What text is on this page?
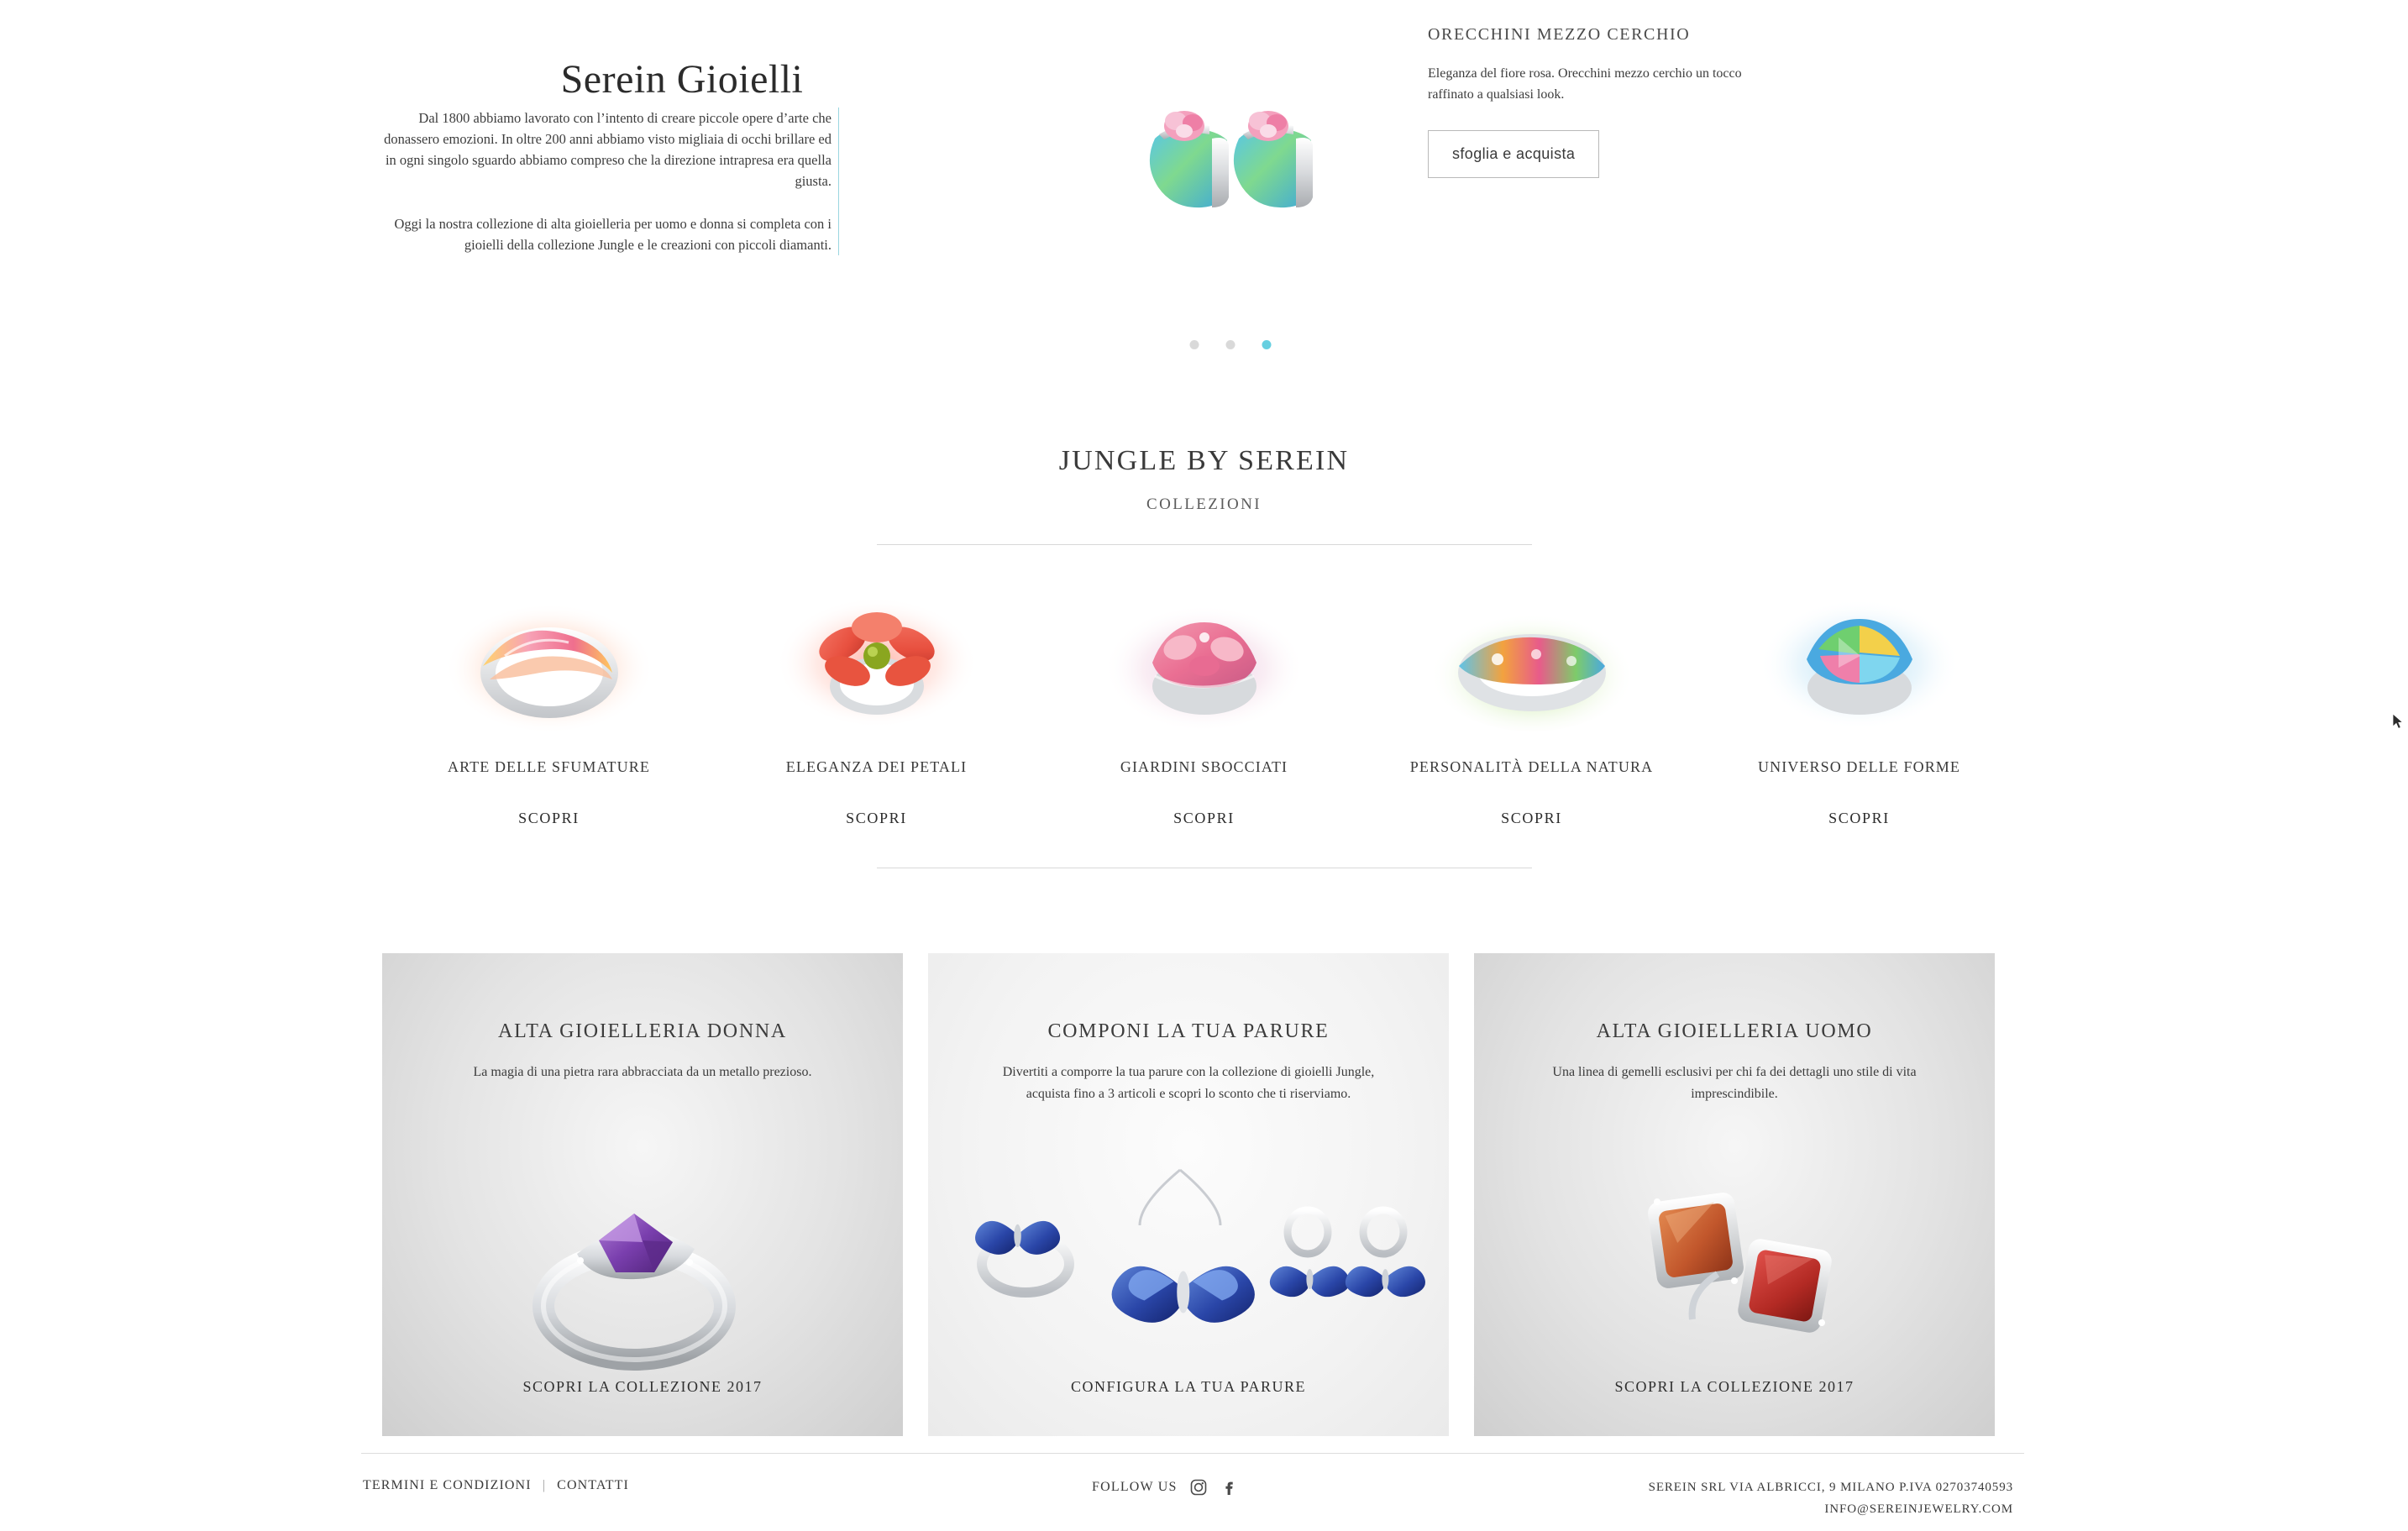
Serein Gioielli

Dal 1800 abbiamo lavorato con l’intento di creare piccole opere d’arte che donassero emozioni. In oltre 200 anni abbiamo visto migliaia di occhi brillare ed in ogni singolo sguardo abbiamo compreso che la direzione intrapresa era quella giusta.

Oggi la nostra collezione di alta gioielleria per uomo e donna si completa con i gioielli della collezione Jungle e le creazioni con piccoli diamanti.

ORECCHINI MEZZO CERCHIO

Eleganza del fiore rosa. Orecchini mezzo cerchio un tocco raffinato a qualsiasi look.

sfoglia e acquista
JUNGLE BY SEREIN
COLLEZIONI
ARTE DELLE SFUMATURE
SCOPRI
ELEGANZA DEI PETALI
SCOPRI
GIARDINI SBOCCIATI
SCOPRI
PERSONALITÀ DELLA NATURA
SCOPRI
UNIVERSO DELLE FORME
SCOPRI
ALTA GIOIELLERIA DONNA

La magia di una pietra rara abbracciata da un metallo prezioso.

SCOPRI LA COLLEZIONE 2017
COMPONI LA TUA PARURE

Divertiti a comporre la tua parure con la collezione di gioielli Jungle, acquista fino a 3 articoli e scopri lo sconto che ti riserviamo.

CONFIGURA LA TUA PARURE
ALTA GIOIELLERIA UOMO

Una linea di gemelli esclusivi per chi fa dei dettagli uno stile di vita imprescindibile.

SCOPRI LA COLLEZIONE 2017
TERMINI E CONDIZIONI | CONTATTI	FOLLOW US	SEREIN SRL VIA ALBRICCI, 9 MILANO P.IVA 02703740593
INFO@SEREINJEWELRY.COM
